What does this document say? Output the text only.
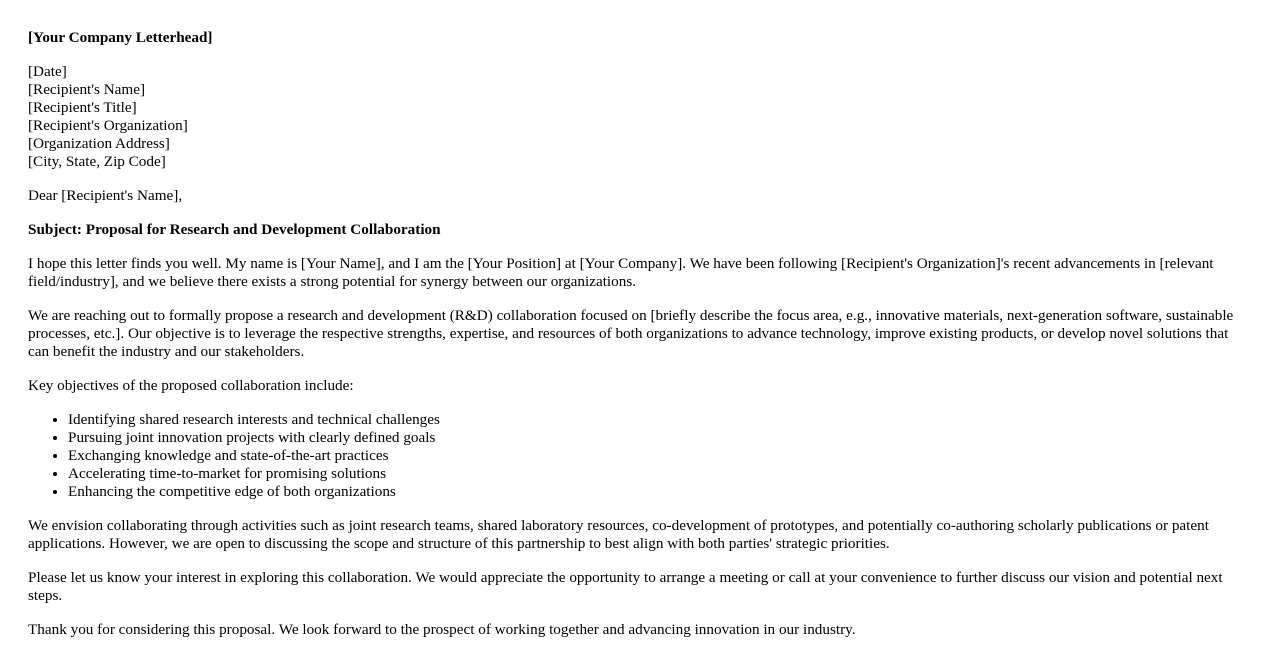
[Your Company Letterhead]

[Date]
[Recipient's Name]
[Recipient's Title]
[Recipient's Organization]
[Organization Address]
[City, State, Zip Code]

Dear [Recipient's Name],

Subject: Proposal for Research and Development Collaboration

I hope this letter finds you well. My name is [Your Name], and I am the [Your Position] at [Your Company]. We have been following [Recipient's Organization]'s recent advancements in [relevant field/industry], and we believe there exists a strong potential for synergy between our organizations.

We are reaching out to formally propose a research and development (R&D) collaboration focused on [briefly describe the focus area, e.g., innovative materials, next-generation software, sustainable processes, etc.]. Our objective is to leverage the respective strengths, expertise, and resources of both organizations to advance technology, improve existing products, or develop novel solutions that can benefit the industry and our stakeholders.

Key objectives of the proposed collaboration include:

• Identifying shared research interests and technical challenges
• Pursuing joint innovation projects with clearly defined goals
• Exchanging knowledge and state-of-the-art practices
• Accelerating time-to-market for promising solutions
• Enhancing the competitive edge of both organizations

We envision collaborating through activities such as joint research teams, shared laboratory resources, co-development of prototypes, and potentially co-authoring scholarly publications or patent applications. However, we are open to discussing the scope and structure of this partnership to best align with both parties' strategic priorities.

Please let us know your interest in exploring this collaboration. We would appreciate the opportunity to arrange a meeting or call at your convenience to further discuss our vision and potential next steps.

Thank you for considering this proposal. We look forward to the prospect of working together and advancing innovation in our industry.
